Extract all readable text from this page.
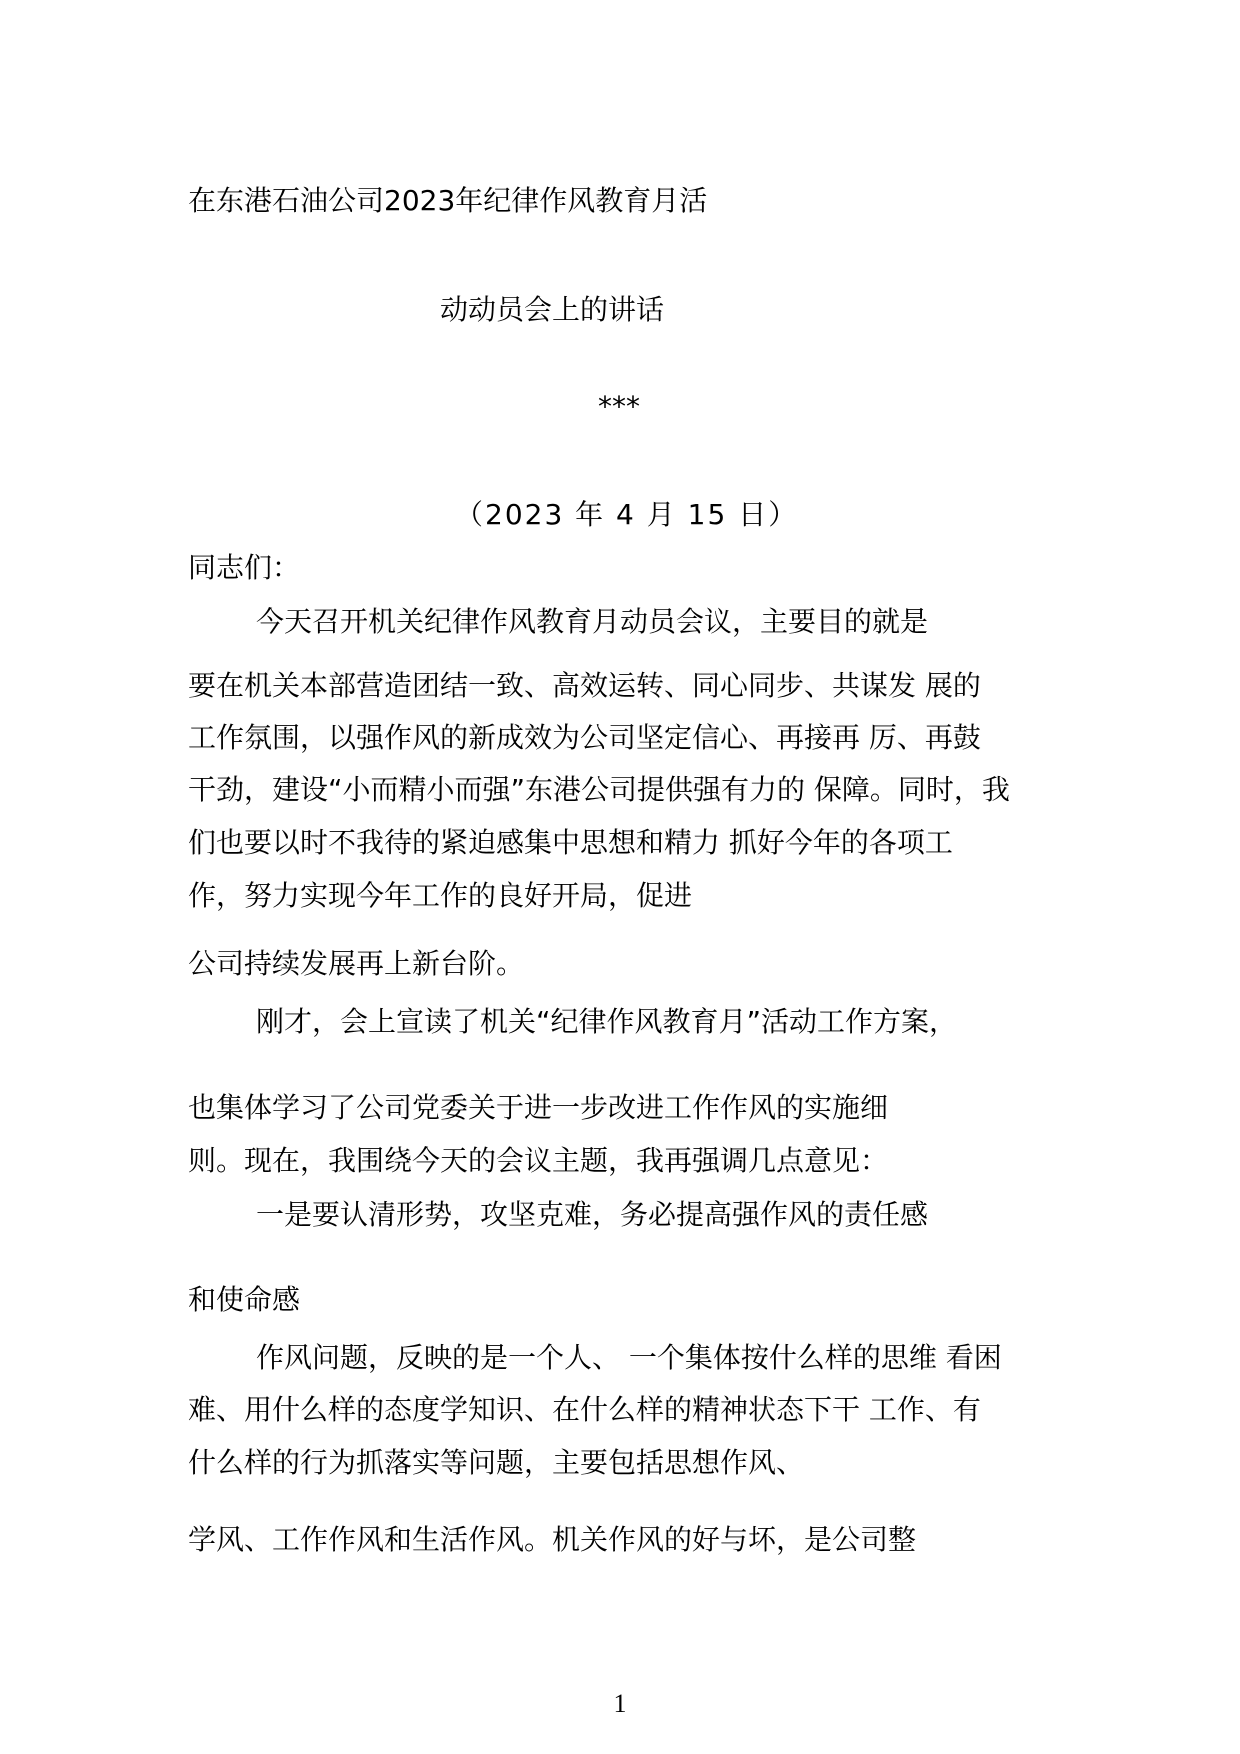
在东港石油公司2023年纪律作风教育月活
动动员会上的讲话
***
（2023 年 4 月 15 日）
同志们：
今天召开机关纪律作风教育月动员会议，主要目的就是
要在机关本部营造团结一致、高效运转、同心同步、共谋发 展的
工作氛围，以强作风的新成效为公司坚定信心、再接再 厉、再鼓
干劲，建设“小而精小而强”东港公司提供强有力的 保障。同时，我
们也要以时不我待的紧迫感集中思想和精力 抓好今年的各项工
作，努力实现今年工作的良好开局，促进
公司持续发展再上新台阶。
刚才，会上宣读了机关“纪律作风教育月”活动工作方案，
也集体学习了公司党委关于进一步改进工作作风的实施细
则。现在，我围绕今天的会议主题，我再强调几点意见：
一是要认清形势，攻坚克难，务必提高强作风的责任感
和使命感
作风问题，反映的是一个人、 一个集体按什么样的思维 看困
难、用什么样的态度学知识、在什么样的精神状态下干 工作、有
什么样的行为抓落实等问题，主要包括思想作风、
学风、工作作风和生活作风。机关作风的好与坏，是公司整
1
